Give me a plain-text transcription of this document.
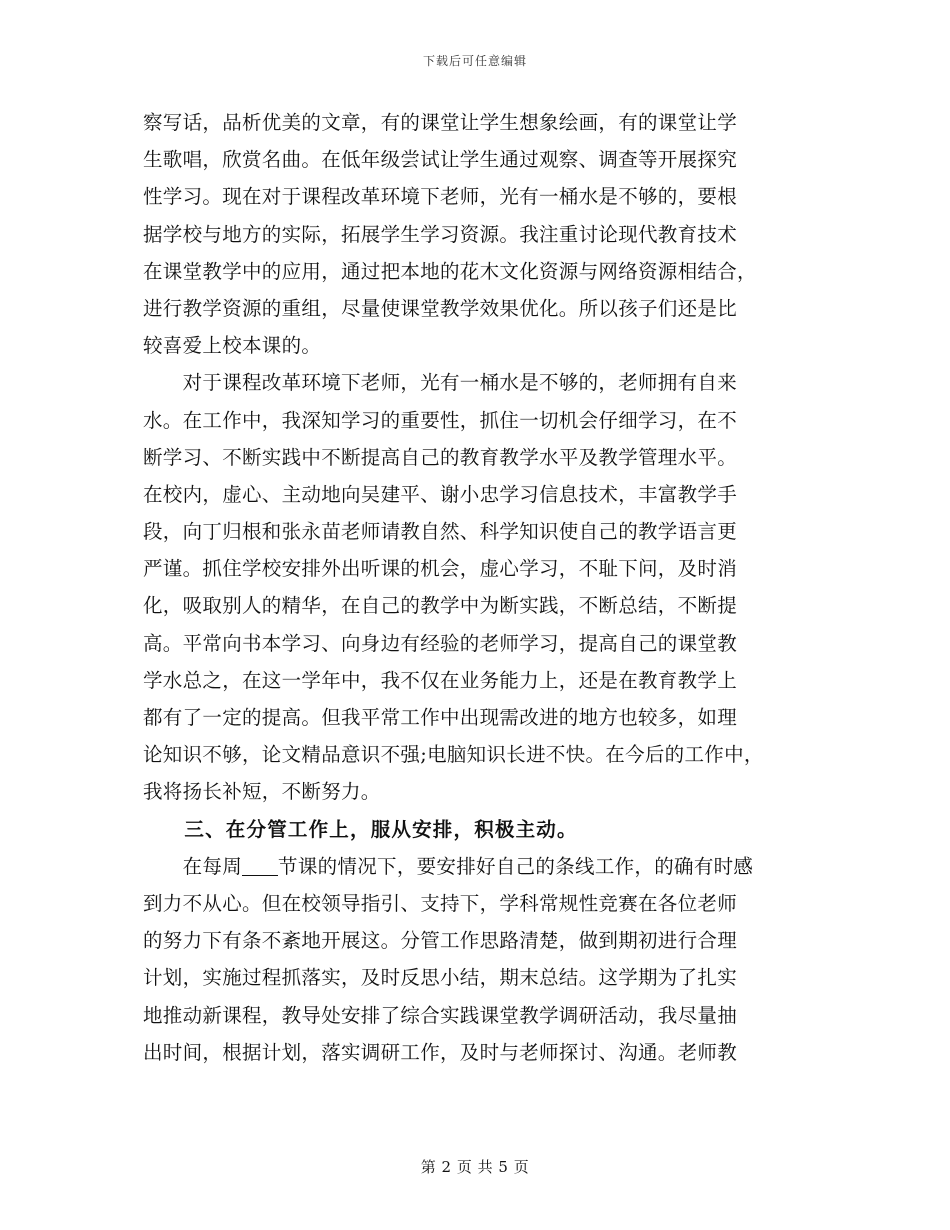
下载后可任意编辑
察写话，品析优美的文章，有的课堂让学生想象绘画，有的课堂让学
生歌唱，欣赏名曲。在低年级尝试让学生通过观察、调查等开展探究
性学习。现在对于课程改革环境下老师，光有一桶水是不够的，要根
据学校与地方的实际，拓展学生学习资源。我注重讨论现代教育技术
在课堂教学中的应用，通过把本地的花木文化资源与网络资源相结合，
进行教学资源的重组，尽量使课堂教学效果优化。所以孩子们还是比
较喜爱上校本课的。
　　对于课程改革环境下老师，光有一桶水是不够的，老师拥有自来
水。在工作中，我深知学习的重要性，抓住一切机会仔细学习，在不
断学习、不断实践中不断提高自己的教育教学水平及教学管理水平。
在校内，虚心、主动地向吴建平、谢小忠学习信息技术，丰富教学手
段，向丁归根和张永苗老师请教自然、科学知识使自己的教学语言更
严谨。抓住学校安排外出听课的机会，虚心学习，不耻下问，及时消
化，吸取别人的精华，在自己的教学中为断实践，不断总结，不断提
高。平常向书本学习、向身边有经验的老师学习，提高自己的课堂教
学水总之，在这一学年中，我不仅在业务能力上，还是在教育教学上
都有了一定的提高。但我平常工作中出现需改进的地方也较多，如理
论知识不够，论文精品意识不强;电脑知识长进不快。在今后的工作中，
我将扬长补短，不断努力。
　　三、在分管工作上，服从安排，积极主动。
　　在每周 节课的情况下，要安排好自己的条线工作，的确有时感
到力不从心。但在校领导指引、支持下，学科常规性竞赛在各位老师
的努力下有条不紊地开展这。分管工作思路清楚，做到期初进行合理
计划，实施过程抓落实，及时反思小结，期末总结。这学期为了扎实
地推动新课程，教导处安排了综合实践课堂教学调研活动，我尽量抽
出时间，根据计划，落实调研工作，及时与老师探讨、沟通。老师教
第 2 页 共 5 页
